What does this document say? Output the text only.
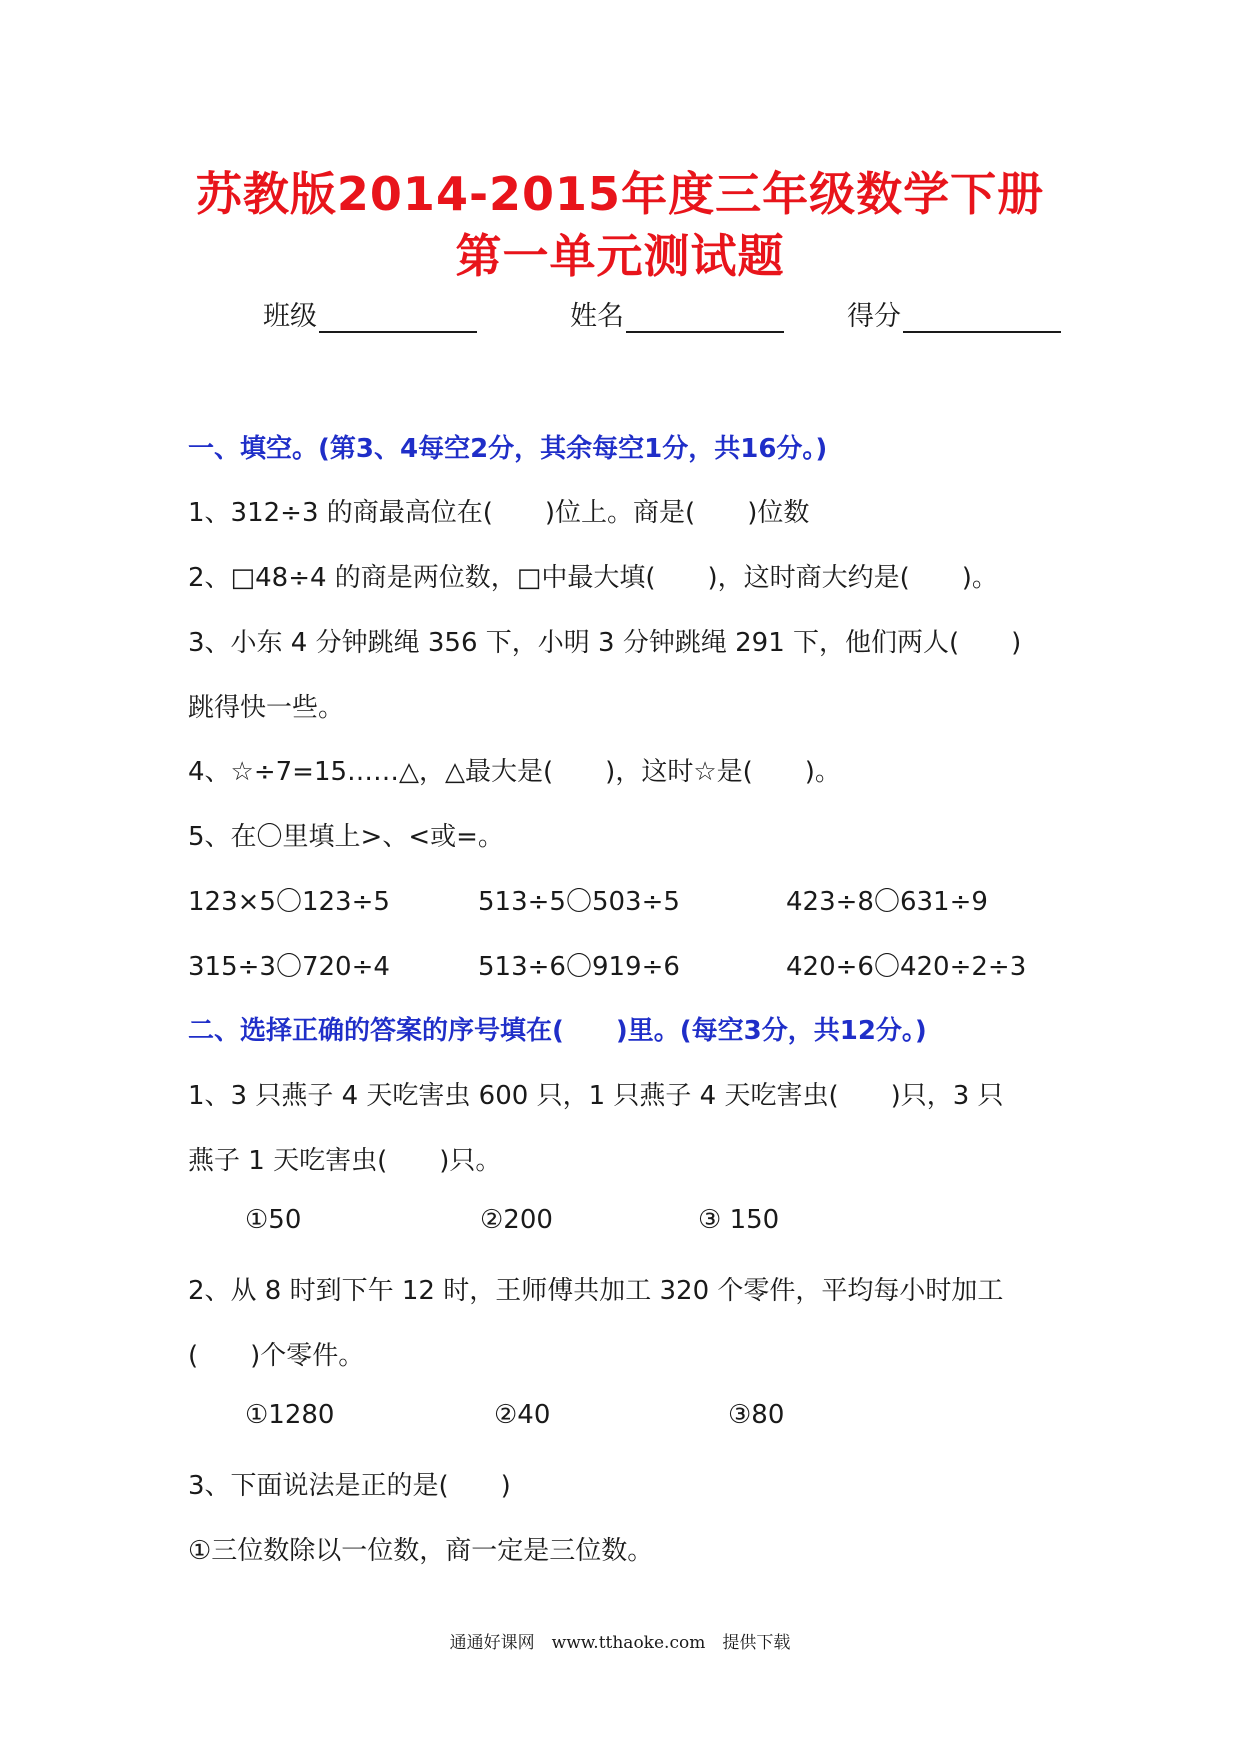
苏教版2014-2015年度三年级数学下册
第一单元测试题
班级	姓名	得分
一、填空。(第3、4每空2分，其余每空1分，共16分。)
1、312÷3 的商最高位在(　　)位上。商是(　　)位数
2、□48÷4 的商是两位数，□中最大填(　　)，这时商大约是(　　)。
3、小东 4 分钟跳绳 356 下，小明 3 分钟跳绳 291 下，他们两人(　　)
跳得快一些。
4、☆÷7=15……△，△最大是(　　)，这时☆是(　　)。
5、在〇里填上>、<或=。
123×5〇123÷5	513÷5〇503÷5	423÷8〇631÷9
315÷3〇720÷4	513÷6〇919÷6	420÷6〇420÷2÷3
二、选择正确的答案的序号填在(　　)里。(每空3分，共12分。)
1、3 只燕子 4 天吃害虫 600 只，1 只燕子 4 天吃害虫(　　)只，3 只
燕子 1 天吃害虫(　　)只。
①50	②200	③ 150
2、从 8 时到下午 12 时，王师傅共加工 320 个零件，平均每小时加工
(　　)个零件。
①1280	②40	③80
3、下面说法是正的是(　　)
①三位数除以一位数，商一定是三位数。
通通好课网　www.tthaoke.com　提供下载
